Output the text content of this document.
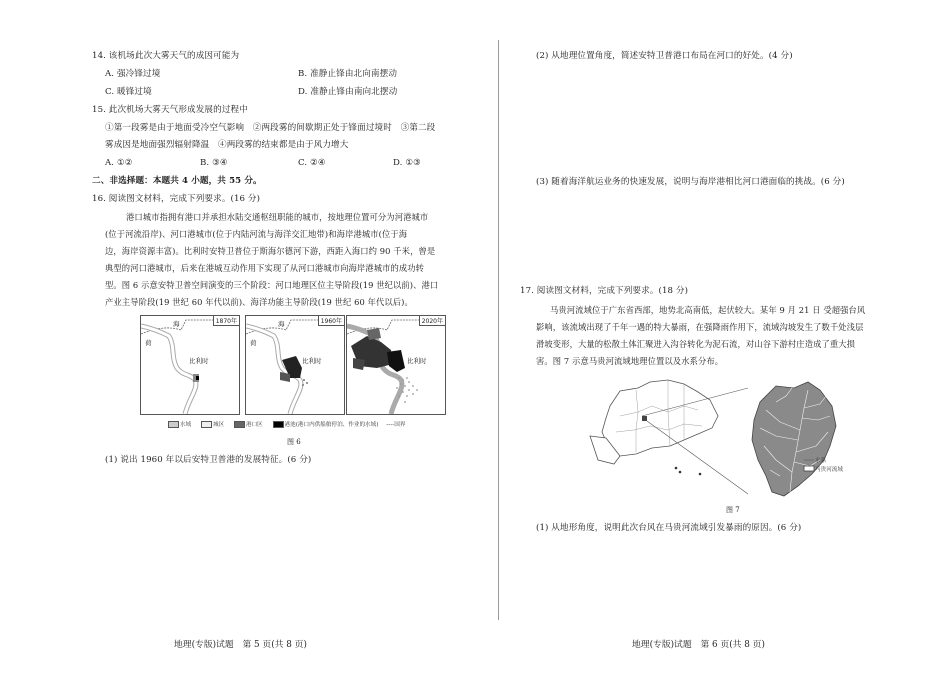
14. 该机场此次大雾天气的成因可能为
A. 强冷锋过境	B. 准静止锋由北向南摆动
C. 暖锋过境	D. 准静止锋由南向北摆动
15. 此次机场大雾天气形成发展的过程中
①第一段雾是由于地面受冷空气影响　②两段雾的间歇期正处于锋面过境时　③第二段
雾成因是地面强烈辐射降温　④两段雾的结束都是由于风力增大
A. ①②	B. ③④	C. ②④	D. ①③
二、非选择题：本题共 4 小题，共 55 分。
16. 阅读图文材料，完成下列要求。(16 分)
港口城市指拥有港口并承担水陆交通枢纽职能的城市，按地理位置可分为河港城市
(位于河流沿岸)、河口港城市(位于内陆河流与海洋交汇地带)和海岸港城市(位于海
边，海岸资源丰富)。比利时安特卫普位于斯海尔德河下游，西距入海口约 90 千米，曾是
典型的河口港城市，后来在港城互动作用下实现了从河口港城市向海岸港城市的成功转
型。图 6 示意安特卫普空间演变的三个阶段：河口地理区位主导阶段(19 世纪以前)、港口
产业主导阶段(19 世纪 60 年代以前)、海洋功能主导阶段(19 世纪 60 年代以后)。
海
荷
比利时
1870年	海
荷
比利时
1960年
比利时
2020年
水域	城区	港口区	港池(港口内供船舶停泊、作业的水域) ----国界
图 6
(1) 说出 1960 年以后安特卫普港的发展特征。(6 分)
地理(专版)试题　第 5 页(共 8 页)
(2) 从地理位置角度，简述安特卫普港口布局在河口的好处。(4 分)
(3) 随着海洋航运业务的快速发展，说明与海岸港相比河口港面临的挑战。(6 分)
17. 阅读图文材料，完成下列要求。(18 分)
马贵河流域位于广东省西部，地势北高南低，起伏较大。某年 9 月 21 日 受超强台风
影响，该流域出现了千年一遇的特大暴雨，在强降雨作用下，流域沟坡发生了数千处浅层
滑坡变形，大量的松散土体汇聚进入沟谷转化为泥石流，对山谷下游村庄造成了重大损
害。图 7 示意马贵河流域地理位置以及水系分布。
水系
马贵河流域
图 7
(1) 从地形角度，说明此次台风在马贵河流域引发暴雨的原因。(6 分)
地理(专版)试题　第 6 页(共 8 页)
